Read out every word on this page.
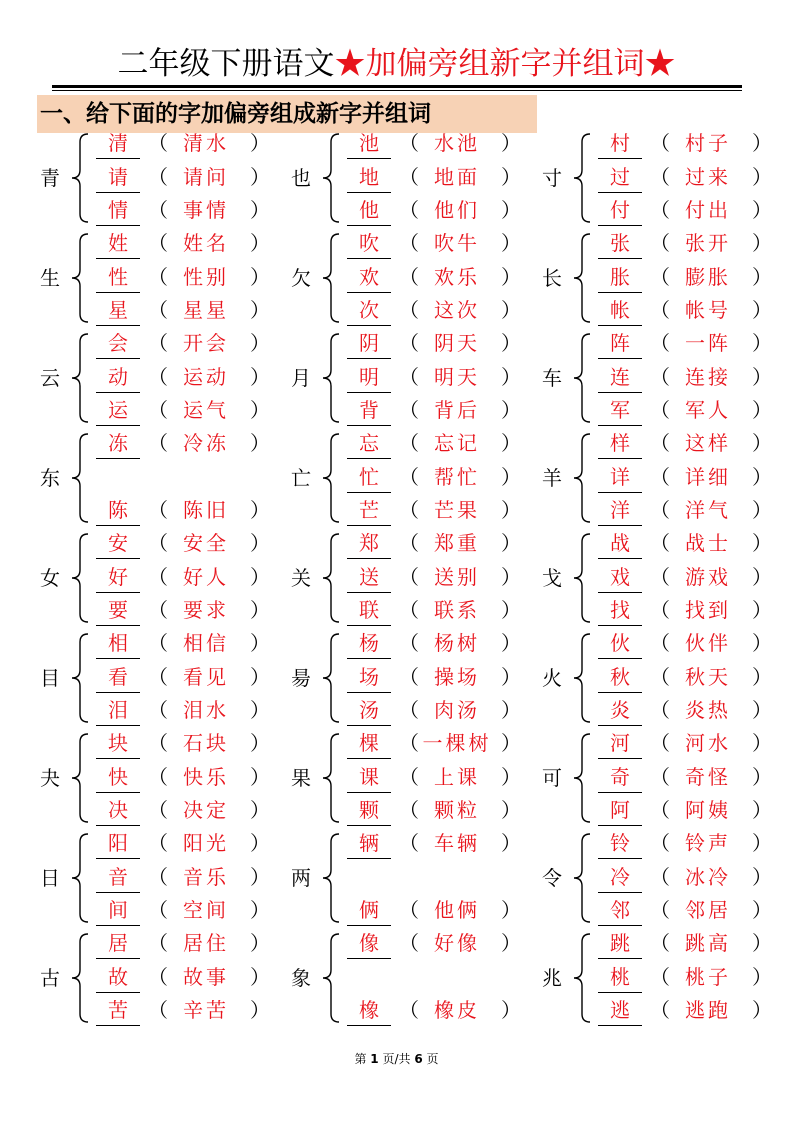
二年级下册语文★加偏旁组新字并组词★
一、给下面的字加偏旁组成新字并组词
青
清	（ 清水	）
请	（ 请问	）
情	（ 事情	）
也
池	（ 水池	）
地	（ 地面	）
他	（ 他们	）
寸
村	（ 村子	）
过	（ 过来	）
付	（ 付出	）
生
姓	（ 姓名	）
性	（ 性别	）
星	（ 星星	）
欠
吹	（ 吹牛	）
欢	（ 欢乐	）
次	（ 这次	）
长
张	（ 张开	）
胀	（ 膨胀	）
帐	（ 帐号	）
云
会	（ 开会	）
动	（ 运动	）
运	（ 运气	）
月
阴	（ 阴天	）
明	（ 明天	）
背	（ 背后	）
车
阵	（ 一阵	）
连	（ 连接	）
军	（ 军人	）
东
冻	（ 冷冻	）
陈	（ 陈旧	）
亡
忘	（ 忘记	）
忙	（ 帮忙	）
芒	（ 芒果	）
羊
样	（ 这样	）
详	（ 详细	）
洋	（ 洋气	）
女
安	（ 安全	）
好	（ 好人	）
要	（ 要求	）
关
郑	（ 郑重	）
送	（ 送别	）
联	（ 联系	）
戈
战	（ 战士	）
戏	（ 游戏	）
找	（ 找到	）
目
相	（ 相信	）
看	（ 看见	）
泪	（ 泪水	）
昜
杨	（ 杨树	）
场	（ 操场	）
汤	（ 肉汤	）
火
伙	（ 伙伴	）
秋	（ 秋天	）
炎	（ 炎热	）
夬
块	（ 石块	）
快	（ 快乐	）
决	（ 决定	）
果
棵	（ 一棵树 ）
课	（ 上课	）
颗	（ 颗粒	）
可
河	（ 河水	）
奇	（ 奇怪	）
阿	（ 阿姨	）
日
阳	（ 阳光	）
音	（ 音乐	）
间	（ 空间	）
两
辆	（ 车辆	）
俩	（ 他俩	）
令
铃	（ 铃声	）
冷	（ 冰冷	）
邻	（ 邻居	）
古
居	（ 居住	）
故	（ 故事	）
苦	（ 辛苦	）
象
像	（ 好像	）
橡	（ 橡皮	）
兆
跳	（ 跳高	）
桃	（ 桃子	）
逃	（ 逃跑	）
第 1 页/共 6 页
